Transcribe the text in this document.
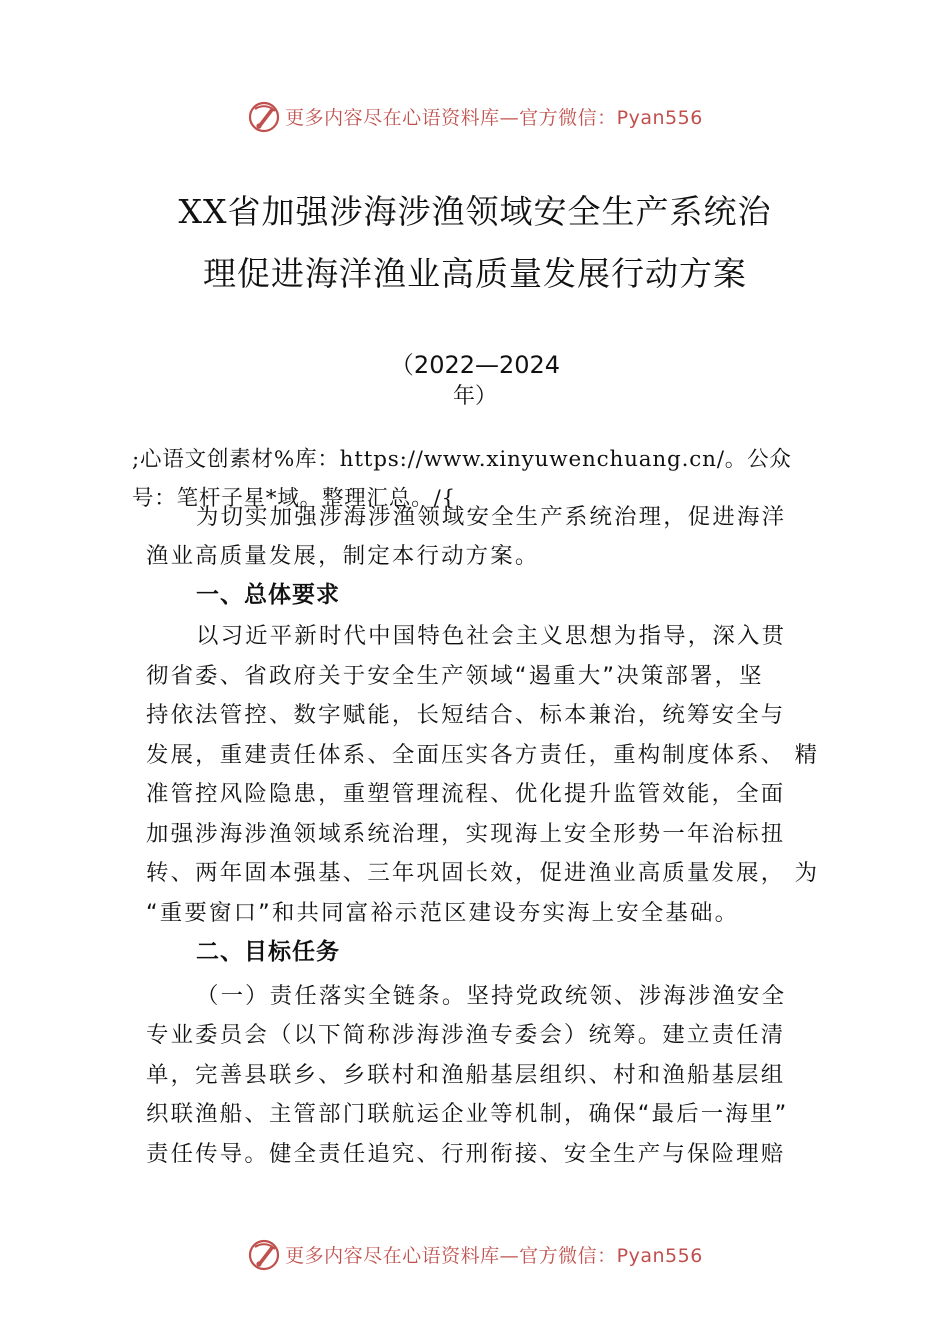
更多内容尽在心语资料库—官方微信：Pyan556
XX省加强涉海涉渔领域安全生产系统治
理促进海洋渔业高质量发展行动方案
（2022—2024
年）
;心语文创素材%库：https://www.xinyuwenchuang.cn/。公众
号：笔杆子星*域。整理汇总。/{
为切实加强涉海涉渔领域安全生产系统治理，促进海洋
渔业高质量发展，制定本行动方案。
一、总体要求
以习近平新时代中国特色社会主义思想为指导，深入贯
彻省委、省政府关于安全生产领域“遏重大”决策部署，坚
持依法管控、数字赋能，长短结合、标本兼治，统筹安全与
发展，重建责任体系、全面压实各方责任，重构制度体系、 精
准管控风险隐患，重塑管理流程、优化提升监管效能，全面
加强涉海涉渔领域系统治理，实现海上安全形势一年治标扭
转、两年固本强基、三年巩固长效，促进渔业高质量发展， 为
“重要窗口”和共同富裕示范区建设夯实海上安全基础。
二、目标任务
（一）责任落实全链条。坚持党政统领、涉海涉渔安全
专业委员会（以下简称涉海涉渔专委会）统筹。建立责任清
单，完善县联乡、乡联村和渔船基层组织、村和渔船基层组
织联渔船、主管部门联航运企业等机制，确保“最后一海里”
责任传导。健全责任追究、行刑衔接、安全生产与保险理赔
更多内容尽在心语资料库—官方微信：Pyan556
